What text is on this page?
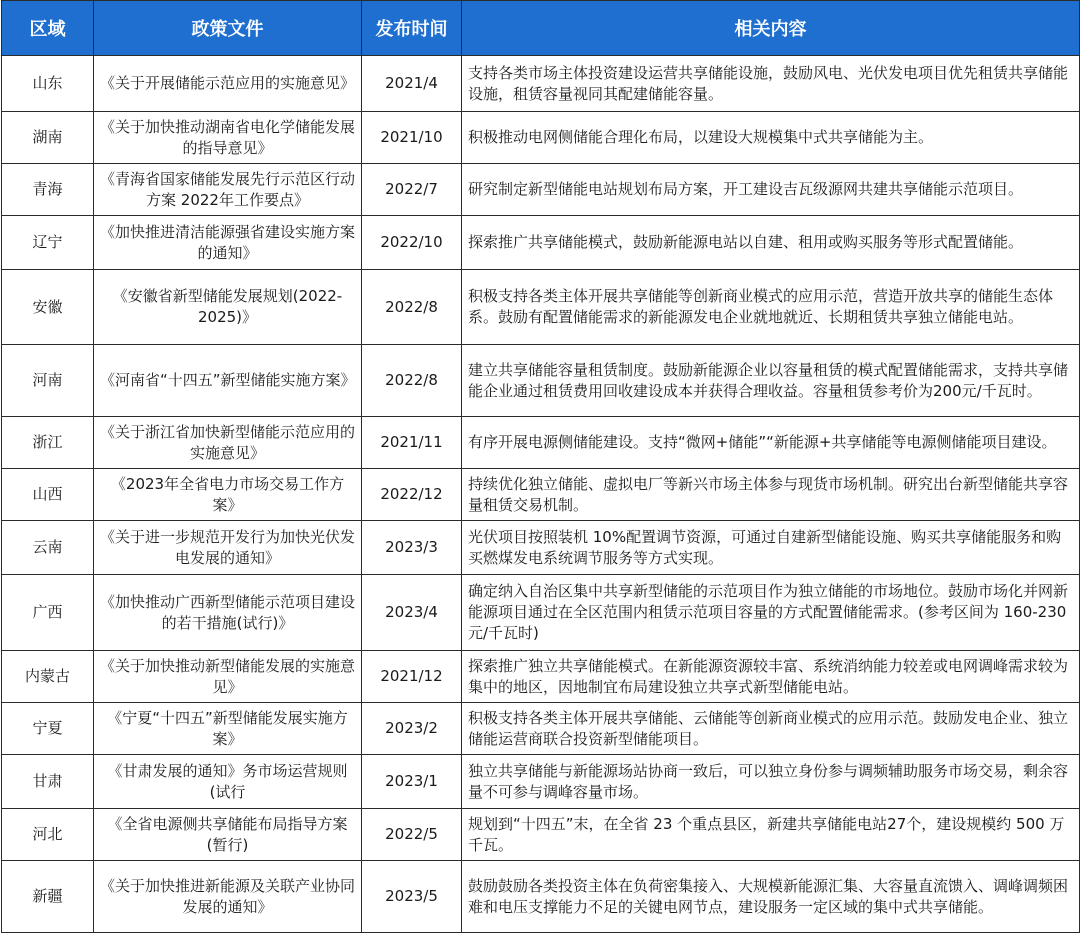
区域	政策文件	发布时间	相关内容
山东	《关于开展储能示范应用的实施意见》	2021/4	支持各类市场主体投资建设运营共享储能设施，鼓励风电、光伏发电项目优先租赁共享储能设施，租赁容量视同其配建储能容量。
湖南	《关于加快推动湖南省电化学储能发展的指导意见》	2021/10	积极推动电网侧储能合理化布局，以建设大规模集中式共享储能为主。
青海	《青海省国家储能发展先行示范区行动方案 2022年工作要点》	2022/7	研究制定新型储能电站规划布局方案，开工建设吉瓦级源网共建共享储能示范项目。
辽宁	《加快推进清洁能源强省建设实施方案的通知》	2022/10	探索推广共享储能模式，鼓励新能源电站以自建、租用或购买服务等形式配置储能。
安徽	《安徽省新型储能发展规划(2022-2025)》	2022/8	积极支持各类主体开展共享储能等创新商业模式的应用示范，营造开放共享的储能生态体系。鼓励有配置储能需求的新能源发电企业就地就近、长期租赁共享独立储能电站。
河南	《河南省“十四五”新型储能实施方案》	2022/8	建立共享储能容量租赁制度。鼓励新能源企业以容量租赁的模式配置储能需求，支持共享储能企业通过租赁费用回收建设成本并获得合理收益。容量租赁参考价为200元/千瓦时。
浙江	《关于浙江省加快新型储能示范应用的实施意见》	2021/11	有序开展电源侧储能建设。支持“微网+储能”“新能源+共享储能等电源侧储能项目建设。
山西	《2023年全省电力市场交易工作方案》	2022/12	持续优化独立储能、虚拟电厂等新兴市场主体参与现货市场机制。研究出台新型储能共享容量租赁交易机制。
云南	《关于进一步规范开发行为加快光伏发电发展的通知》	2023/3	光伏项目按照装机 10%配置调节资源，可通过自建新型储能设施、购买共享储能服务和购买燃煤发电系统调节服务等方式实现。
广西	《加快推动广西新型储能示范项目建设的若干措施(试行)》	2023/4	确定纳入自治区集中共享新型储能的示范项目作为独立储能的市场地位。鼓励市场化并网新能源项目通过在全区范围内租赁示范项目容量的方式配置储能需求。(参考区间为 160-230元/千瓦时)
内蒙古	《关于加快推动新型储能发展的实施意见》	2021/12	探索推广独立共享储能模式。在新能源资源较丰富、系统消纳能力较差或电网调峰需求较为集中的地区，因地制宜布局建设独立共享式新型储能电站。
宁夏	《宁夏“十四五”新型储能发展实施方案》	2023/2	积极支持各类主体开展共享储能、云储能等创新商业模式的应用示范。鼓励发电企业、独立储能运营商联合投资新型储能项目。
甘肃	《甘肃发展的通知》务市场运营规则(试行	2023/1	独立共享储能与新能源场站协商一致后，可以独立身份参与调频辅助服务市场交易，剩余容量不可参与调峰容量市场。
河北	《全省电源侧共享储能布局指导方案(暂行)	2022/5	规划到“十四五”末，在全省 23 个重点县区，新建共享储能电站27个，建设规模约 500 万千瓦。
新疆	《关于加快推进新能源及关联产业协同发展的通知》	2023/5	鼓励鼓励各类投资主体在负荷密集接入、大规模新能源汇集、大容量直流馈入、调峰调频困难和电压支撑能力不足的关键电网节点，建设服务一定区域的集中式共享储能。
